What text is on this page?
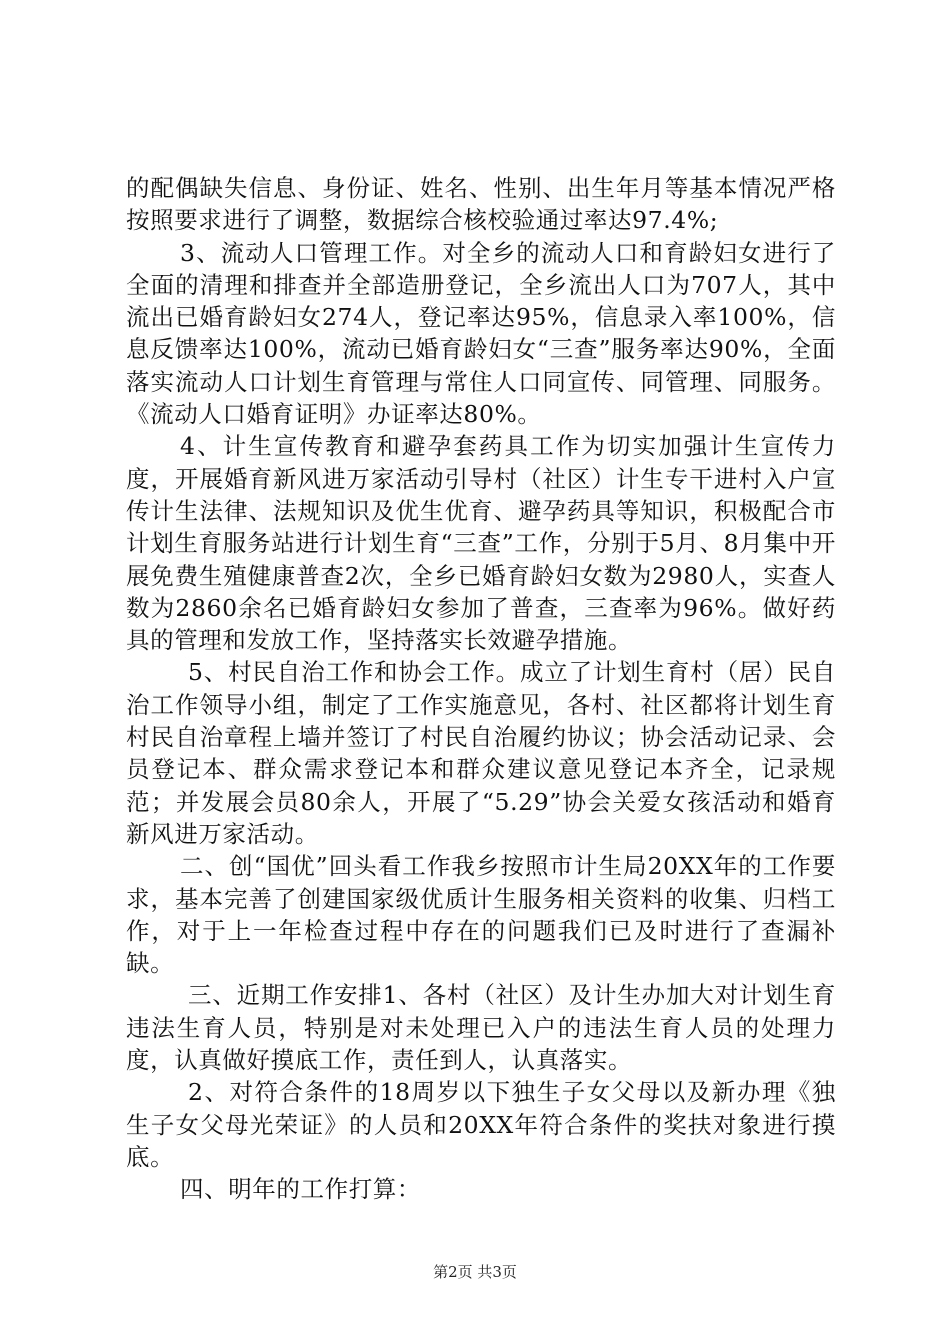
的配偶缺失信息、身份证、姓名、性别、出生年月等基本情况严格按照要求进行了调整，数据综合核校验通过率达97.4%;

3、流动人口管理工作。对全乡的流动人口和育龄妇女进行了全面的清理和排查并全部造册登记，全乡流出人口为707人，其中流出已婚育龄妇女274人，登记率达95%，信息录入率100%，信息反馈率达100%，流动已婚育龄妇女“三查”服务率达90%，全面落实流动人口计划生育管理与常住人口同宣传、同管理、同服务。《流动人口婚育证明》办证率达80%。

4、计生宣传教育和避孕套药具工作为切实加强计生宣传力度，开展婚育新风进万家活动引导村（社区）计生专干进村入户宣传计生法律、法规知识及优生优育、避孕药具等知识，积极配合市计划生育服务站进行计划生育“三查”工作，分别于5月、8月集中开展免费生殖健康普查2次，全乡已婚育龄妇女数为2980人，实查人数为2860余名已婚育龄妇女参加了普查，三查率为96%。做好药具的管理和发放工作，坚持落实长效避孕措施。

5、村民自治工作和协会工作。成立了计划生育村（居）民自治工作领导小组，制定了工作实施意见，各村、社区都将计划生育村民自治章程上墙并签订了村民自治履约协议；协会活动记录、会员登记本、群众需求登记本和群众建议意见登记本齐全，记录规范；并发展会员80余人，开展了“5.29”协会关爱女孩活动和婚育新风进万家活动。

二、创“国优”回头看工作我乡按照市计生局20XX年的工作要求，基本完善了创建国家级优质计生服务相关资料的收集、归档工作，对于上一年检查过程中存在的问题我们已及时进行了查漏补缺。

三、近期工作安排1、各村（社区）及计生办加大对计划生育违法生育人员，特别是对未处理已入户的违法生育人员的处理力度，认真做好摸底工作，责任到人，认真落实。

2、对符合条件的18周岁以下独生子女父母以及新办理《独生子女父母光荣证》的人员和20XX年符合条件的奖扶对象进行摸底。

四、明年的工作打算：

第2页 共3页
